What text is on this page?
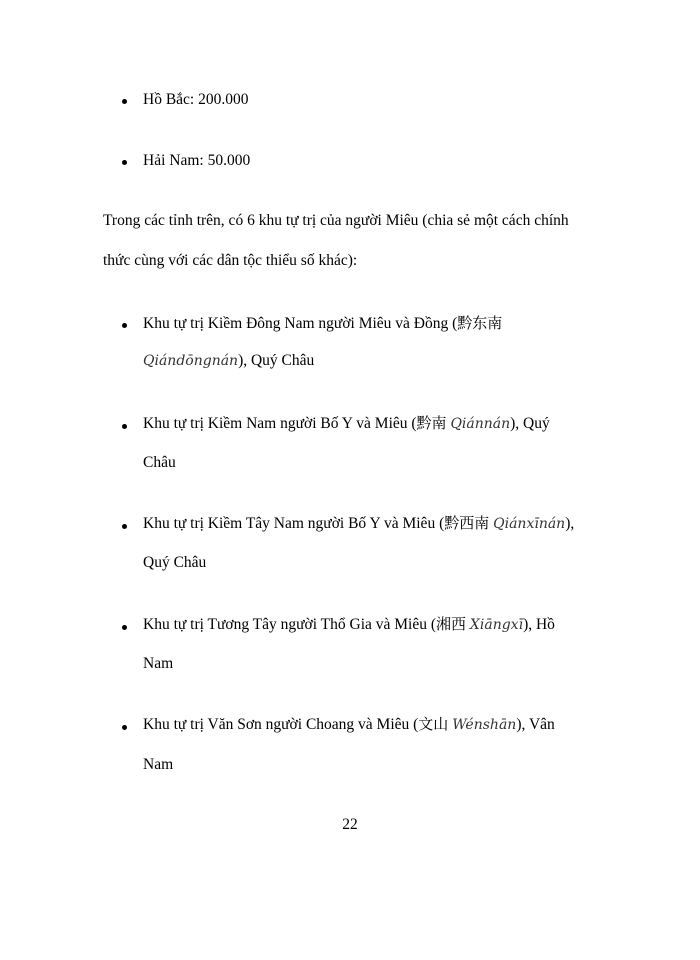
Hồ Bắc: 200.000
Hải Nam: 50.000
Trong các tỉnh trên, có 6 khu tự trị của người Miêu (chia sẻ một cách chính
thức cùng với các dân tộc thiểu số khác):
Khu tự trị Kiềm Đông Nam người Miêu và Đồng (黔东南
Qiándōngnán), Quý Châu
Khu tự trị Kiềm Nam người Bố Y và Miêu (黔南 Qiánnán), Quý
Châu
Khu tự trị Kiềm Tây Nam người Bố Y và Miêu (黔西南 Qiánxīnán),
Quý Châu
Khu tự trị Tương Tây người Thổ Gia và Miêu (湘西 Xiāngxī), Hồ
Nam
Khu tự trị Văn Sơn người Choang và Miêu (文山 Wénshān), Vân
Nam
22
